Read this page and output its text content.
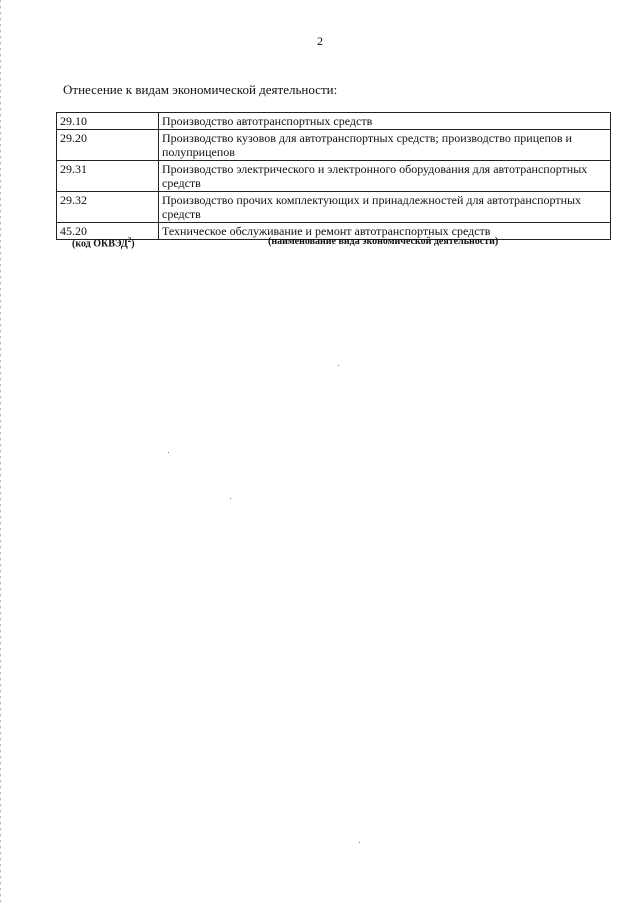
2
Отнесение к видам экономической деятельности:
29.10	Производство автотранспортных средств
29.20	Производство кузовов для автотранспортных средств; производство прицепов и полуприцепов
29.31	Производство электрического и электронного оборудования для автотранспортных средств
29.32	Производство прочих комплектующих и принадлежностей для автотранспортных средств
45.20	Техническое обслуживание и ремонт автотранспортных средств
(код ОКВЭД$^2$)	(наименование вида экономической деятельности)
